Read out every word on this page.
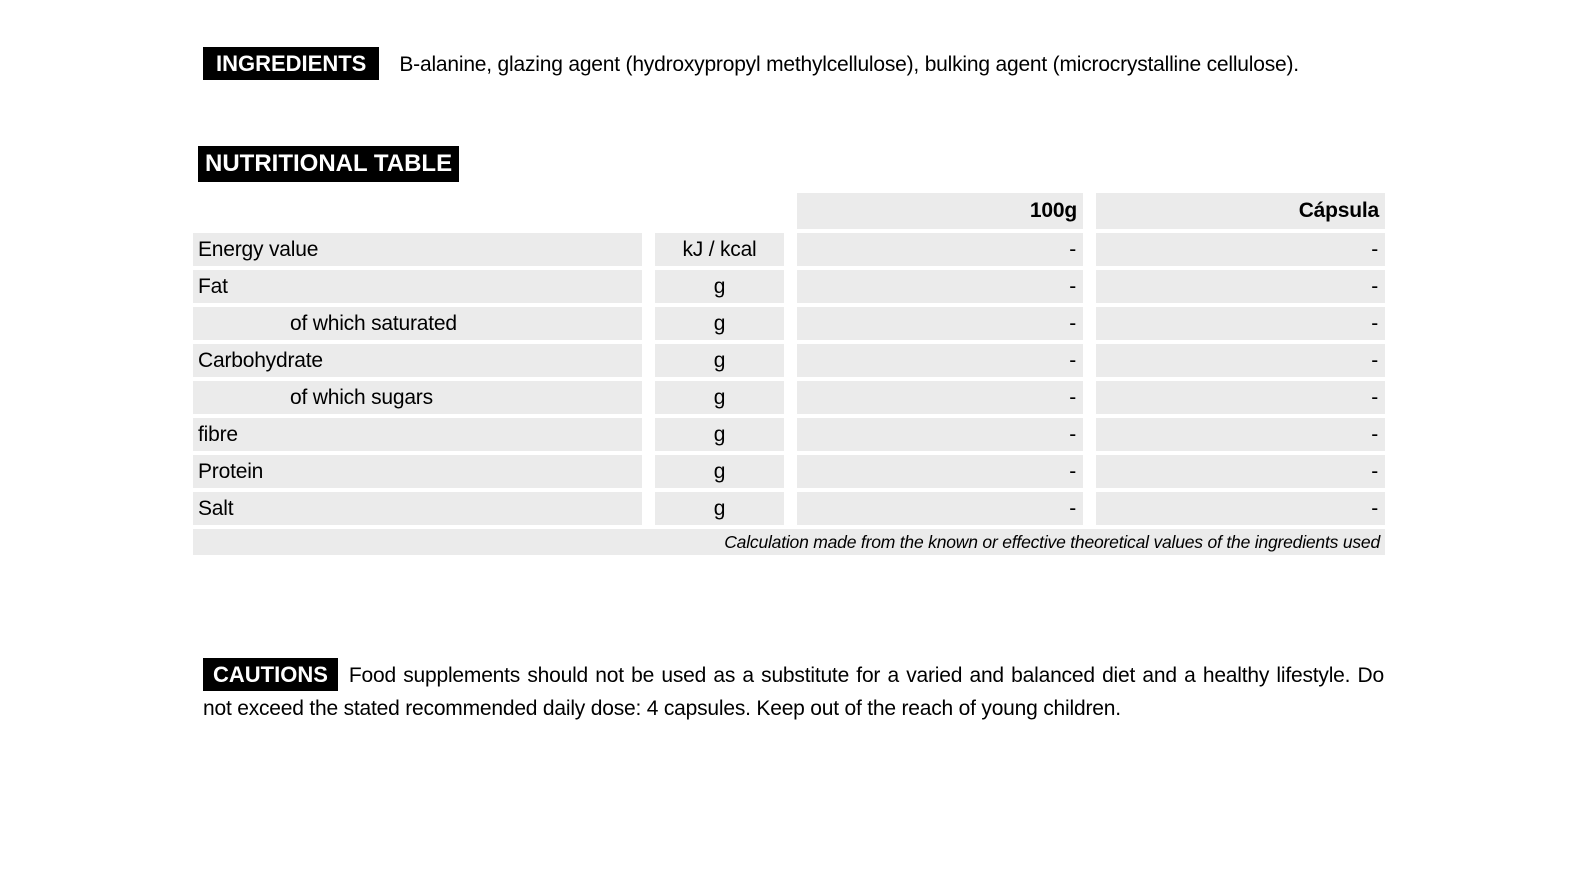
INGREDIENTS B-alanine, glazing agent (hydroxypropyl methylcellulose), bulking agent (microcrystalline cellulose).
NUTRITIONAL TABLE
		100g	Cápsula
Energy value	kJ / kcal	-	-
Fat	g	-	-
of which saturated	g	-	-
Carbohydrate	g	-	-
of which sugars	g	-	-
fibre	g	-	-
Protein	g	-	-
Salt	g	-	-
Calculation made from the known or effective theoretical values of the ingredients used			
CAUTIONS Food supplements should not be used as a substitute for a varied and balanced diet and a healthy lifestyle. Do not exceed the stated recommended daily dose: 4 capsules. Keep out of the reach of young children.
